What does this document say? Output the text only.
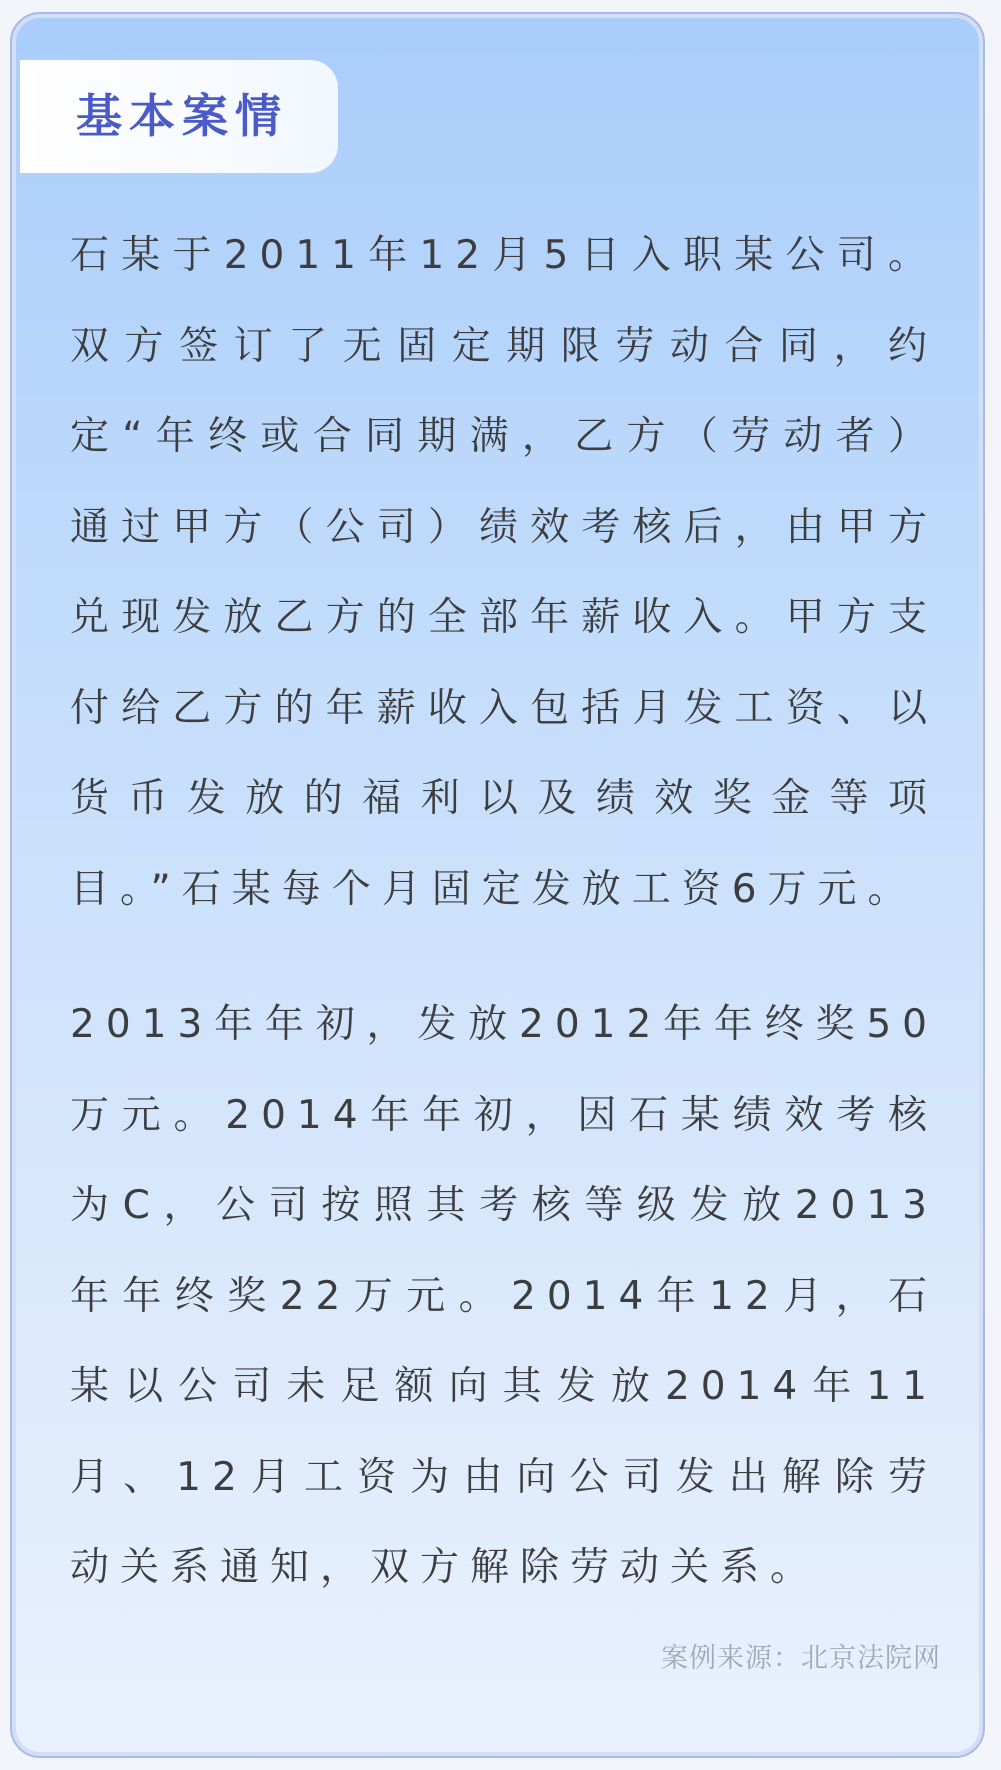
基本案情

石某于2011年12月5日入职某公司。双方签订了无固定期限劳动合同，约定“年终或合同期满，乙方（劳动者）通过甲方（公司）绩效考核后，由甲方兑现发放乙方的全部年薪收入。甲方支付给乙方的年薪收入包括月发工资、以货币发放的福利以及绩效奖金等项目。”石某每个月固定发放工资6万元。

2013年年初，发放2012年年终奖50万元。2014年年初，因石某绩效考核为C，公司按照其考核等级发放2013年年终奖22万元。2014年12月，石某以公司未足额向其发放2014年11月、12月工资为由向公司发出解除劳动关系通知，双方解除劳动关系。

案例来源：北京法院网
